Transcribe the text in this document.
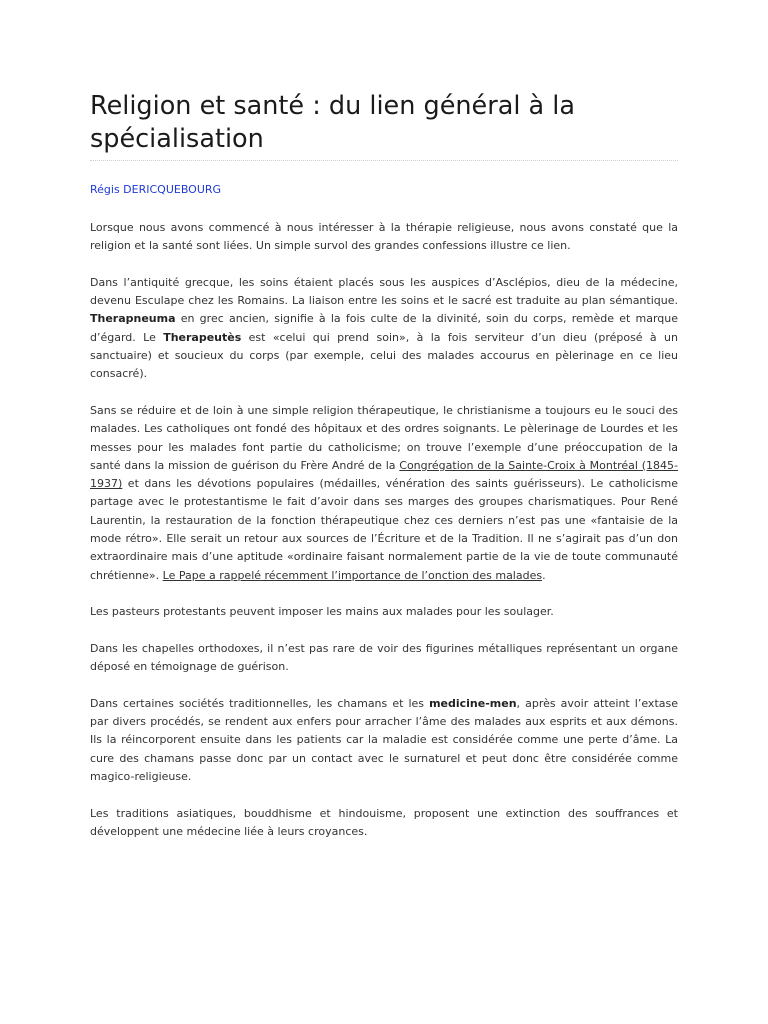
Religion et santé : du lien général à la spécialisation
Régis DERICQUEBOURG

Lorsque nous avons commencé à nous intéresser à la thérapie religieuse, nous avons constaté que la religion et la santé sont liées. Un simple survol des grandes confessions illustre ce lien.

Dans l’antiquité grecque, les soins étaient placés sous les auspices d’Asclépios, dieu de la médecine, devenu Esculape chez les Romains. La liaison entre les soins et le sacré est traduite au plan sémantique. Therapneuma en grec ancien, signifie à la fois culte de la divinité, soin du corps, remède et marque d’égard. Le Therapeutès est «celui qui prend soin», à la fois serviteur d’un dieu (préposé à un sanctuaire) et soucieux du corps (par exemple, celui des malades accourus en pèlerinage en ce lieu consacré).

Sans se réduire et de loin à une simple religion thérapeutique, le christianisme a toujours eu le souci des malades. Les catholiques ont fondé des hôpitaux et des ordres soignants. Le pèlerinage de Lourdes et les messes pour les malades font partie du catholicisme; on trouve l’exemple d’une préoccupation de la santé dans la mission de guérison du Frère André de la Congrégation de la Sainte-Croix à Montréal (1845-1937) et dans les dévotions populaires (médailles, vénération des saints guérisseurs). Le catholicisme partage avec le protestantisme le fait d’avoir dans ses marges des groupes charismatiques. Pour René Laurentin, la restauration de la fonction thérapeutique chez ces derniers n’est pas une «fantaisie de la mode rétro». Elle serait un retour aux sources de l’Écriture et de la Tradition. Il ne s’agirait pas d’un don extraordinaire mais d’une aptitude «ordinaire faisant normalement partie de la vie de toute communauté chrétienne». Le Pape a rappelé récemment l’importance de l’onction des malades.

Les pasteurs protestants peuvent imposer les mains aux malades pour les soulager.

Dans les chapelles orthodoxes, il n’est pas rare de voir des figurines métalliques représentant un organe déposé en témoignage de guérison.

Dans certaines sociétés traditionnelles, les chamans et les medicine-men, après avoir atteint l’extase par divers procédés, se rendent aux enfers pour arracher l’âme des malades aux esprits et aux démons. Ils la réincorporent ensuite dans les patients car la maladie est considérée comme une perte d’âme. La cure des chamans passe donc par un contact avec le surnaturel et peut donc être considérée comme magico-religieuse.

Les traditions asiatiques, bouddhisme et hindouisme, proposent une extinction des souffrances et développent une médecine liée à leurs croyances.
